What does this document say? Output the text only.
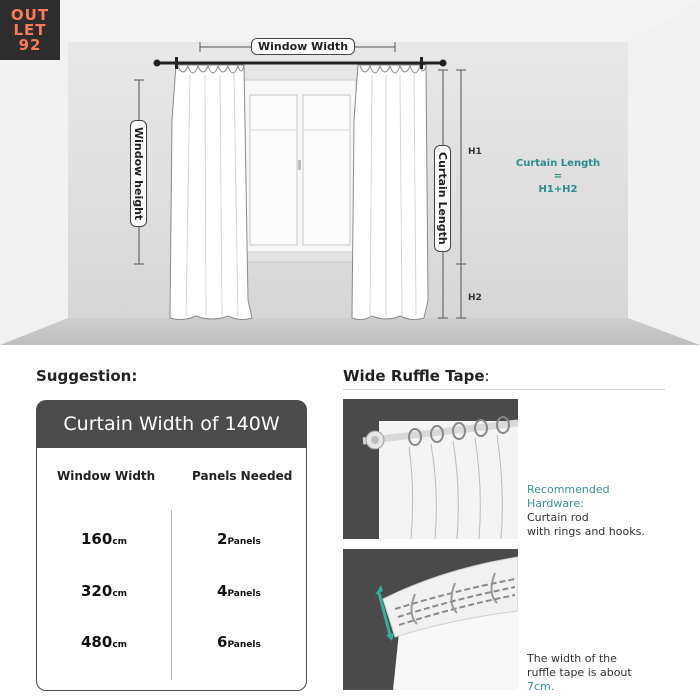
OUT
LET
92	Window Width
Window height	Curtain Length H1
H2
Curtain Length
=
H1+H2
Suggestion:
Curtain Width of 140W
Window Width	Panels Needed
160cm	2Panels
320cm	4Panels
480cm	6Panels
Wide Ruffle Tape:
Recommended
Hardware:
Curtain rod
with rings and hooks.
The width of the
ruffle tape is about
7cm.
